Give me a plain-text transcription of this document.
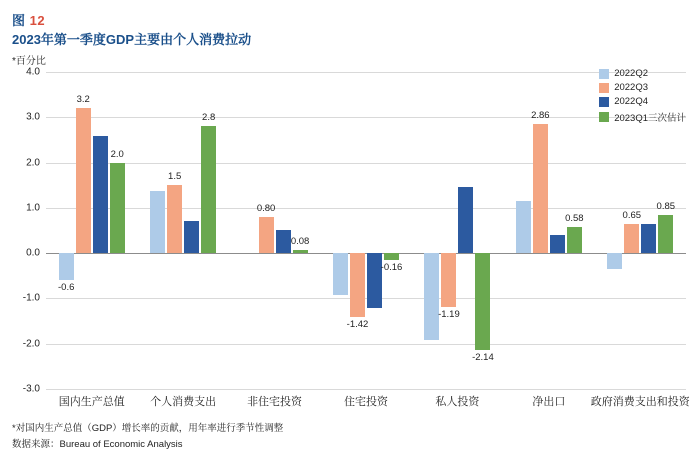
图 12
2023年第一季度GDP主要由个人消费拉动
*百分比
4.0
3.0
2.0
1.0
0.0
-1.0
-2.0
-3.0
-0.6
3.2
2.0
1.5
2.8
0.80
0.08
-1.42
-0.16
-1.19
-2.14
2.86
0.58	0.65
0.85
国内生产总值 个人消费支出	非住宅投资	住宅投资	私人投资	净出口 政府消费支出和投资
2022Q2
2022Q3
2022Q4
2023Q1三次估计
*对国内生产总值（GDP）增长率的贡献，用年率进行季节性调整
数据来源：Bureau of Economic Analysis
